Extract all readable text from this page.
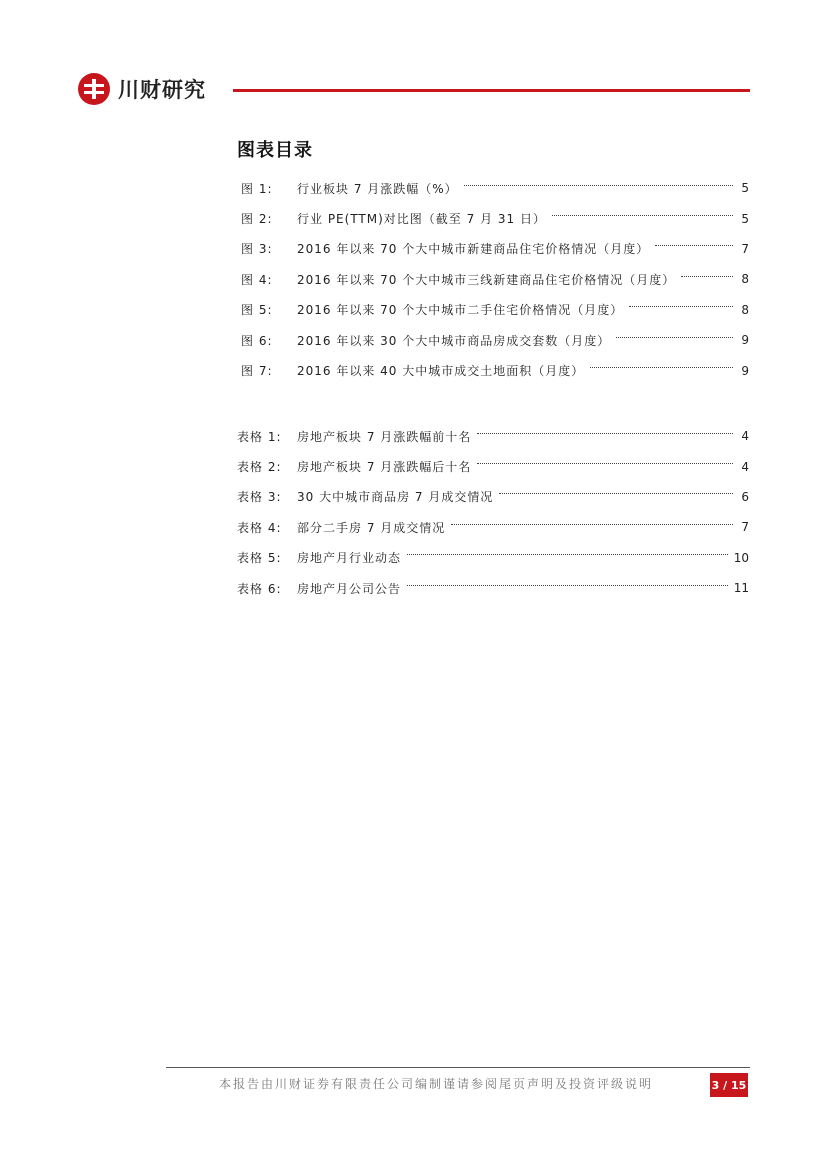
川财研究
图表目录
图 1:	行业板块 7 月涨跌幅（%）	5
图 2:	行业 PE(TTM)对比图（截至 7 月 31 日）	5
图 3:	2016 年以来 70 个大中城市新建商品住宅价格情况（月度）	7
图 4:	2016 年以来 70 个大中城市三线新建商品住宅价格情况（月度）	8
图 5:	2016 年以来 70 个大中城市二手住宅价格情况（月度）	8
图 6:	2016 年以来 30 个大中城市商品房成交套数（月度）	9
图 7:	2016 年以来 40 大中城市成交土地面积（月度）	9
表格 1:	房地产板块 7 月涨跌幅前十名	4
表格 2:	房地产板块 7 月涨跌幅后十名	4
表格 3:	30 大中城市商品房 7 月成交情况	6
表格 4:	部分二手房 7 月成交情况	7
表格 5:	房地产月行业动态	10
表格 6:	房地产月公司公告	11
本报告由川财证券有限责任公司编制谨请参阅尾页声明及投资评级说明	3 / 15
